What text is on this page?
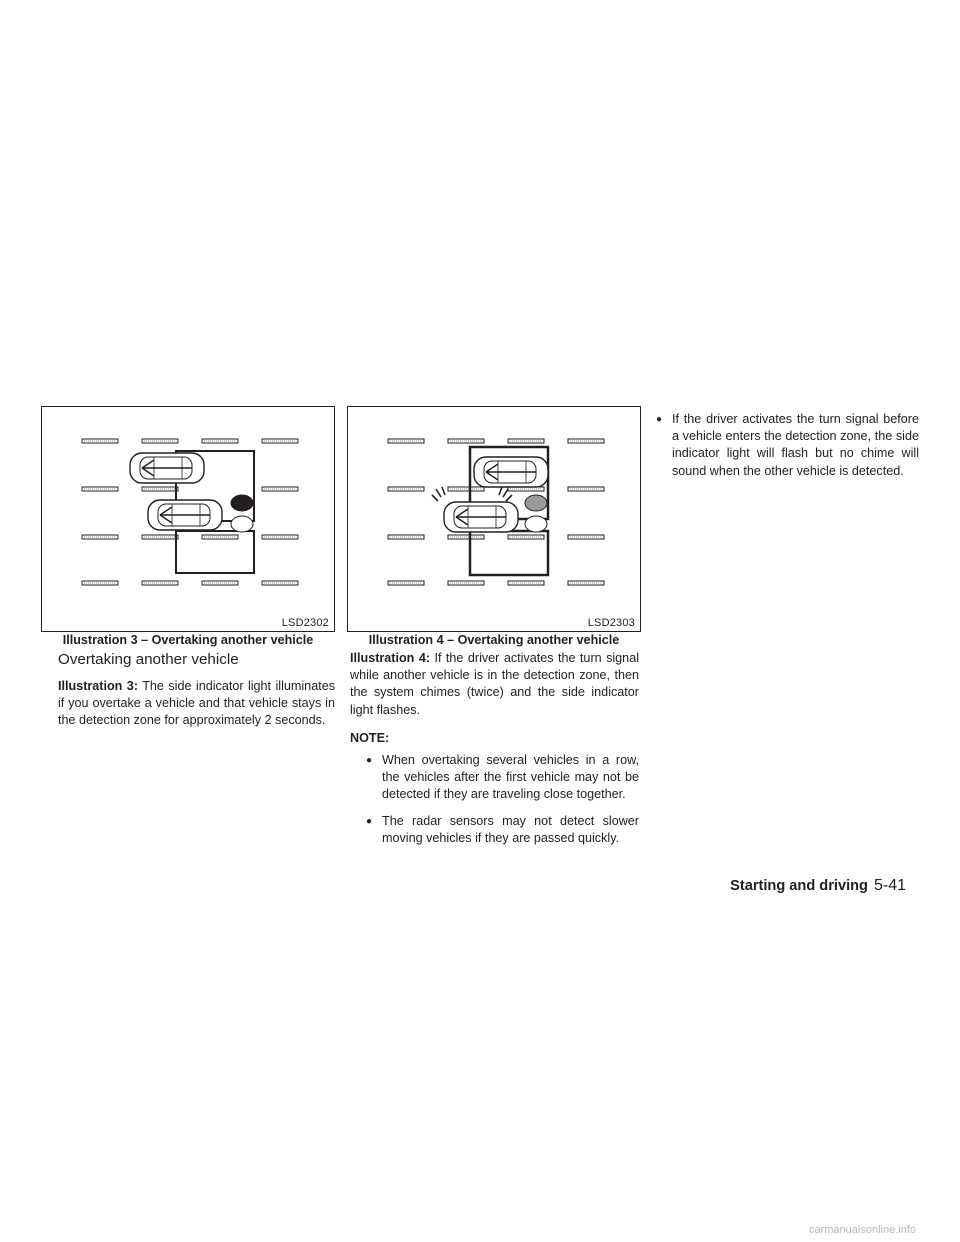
LSD2302
Illustration 3 – Overtaking another vehicle
LSD2303
Illustration 4 – Overtaking another vehicle
Overtaking another vehicle

Illustration 3: The side indicator light illuminates if you overtake a vehicle and that vehicle stays in the detection zone for approximately 2 seconds.

Illustration 4: If the driver activates the turn signal while another vehicle is in the detection zone, then the system chimes (twice) and the side indicator light flashes.

NOTE:
● When overtaking several vehicles in a row, the vehicles after the first vehicle may not be detected if they are traveling close together.
● The radar sensors may not detect slower moving vehicles if they are passed quickly.
● If the driver activates the turn signal before a vehicle enters the detection zone, the side indicator light will flash but no chime will sound when the other vehicle is detected.
Starting and driving 5-41
carmanualsonline.info
